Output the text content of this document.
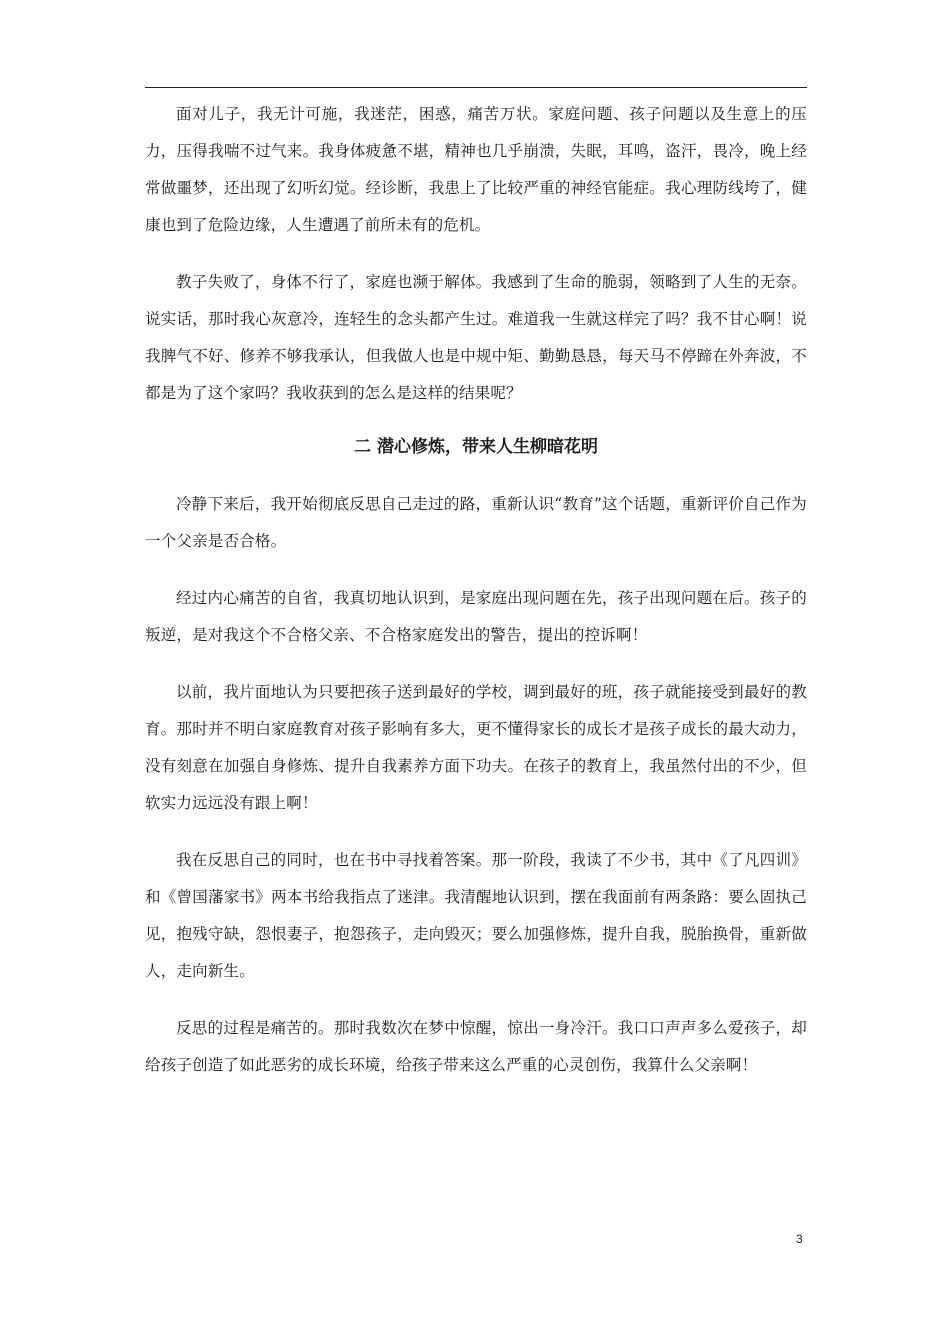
面对儿子，我无计可施，我迷茫，困惑，痛苦万状。家庭问题、孩子问题以及生意上的压力，压得我喘不过气来。我身体疲惫不堪，精神也几乎崩溃，失眠，耳鸣，盗汗，畏冷，晚上经常做噩梦，还出现了幻听幻觉。经诊断，我患上了比较严重的神经官能症。我心理防线垮了，健康也到了危险边缘，人生遭遇了前所未有的危机。

教子失败了，身体不行了，家庭也濒于解体。我感到了生命的脆弱，领略到了人生的无奈。说实话，那时我心灰意冷，连轻生的念头都产生过。难道我一生就这样完了吗？我不甘心啊！说我脾气不好、修养不够我承认，但我做人也是中规中矩、勤勤恳恳，每天马不停蹄在外奔波，不都是为了这个家吗？我收获到的怎么是这样的结果呢？

二 潜心修炼，带来人生柳暗花明

冷静下来后，我开始彻底反思自己走过的路，重新认识“教育”这个话题，重新评价自己作为一个父亲是否合格。

经过内心痛苦的自省，我真切地认识到，是家庭出现问题在先，孩子出现问题在后。孩子的叛逆，是对我这个不合格父亲、不合格家庭发出的警告，提出的控诉啊！

以前，我片面地认为只要把孩子送到最好的学校，调到最好的班，孩子就能接受到最好的教育。那时并不明白家庭教育对孩子影响有多大，更不懂得家长的成长才是孩子成长的最大动力，没有刻意在加强自身修炼、提升自我素养方面下功夫。在孩子的教育上，我虽然付出的不少，但软实力远远没有跟上啊！

我在反思自己的同时，也在书中寻找着答案。那一阶段，我读了不少书，其中《了凡四训》和《曾国藩家书》两本书给我指点了迷津。我清醒地认识到，摆在我面前有两条路：要么固执己见，抱残守缺，怨恨妻子，抱怨孩子，走向毁灭；要么加强修炼，提升自我，脱胎换骨，重新做人，走向新生。

反思的过程是痛苦的。那时我数次在梦中惊醒，惊出一身冷汗。我口口声声多么爱孩子，却给孩子创造了如此恶劣的成长环境，给孩子带来这么严重的心灵创伤，我算什么父亲啊！

3
